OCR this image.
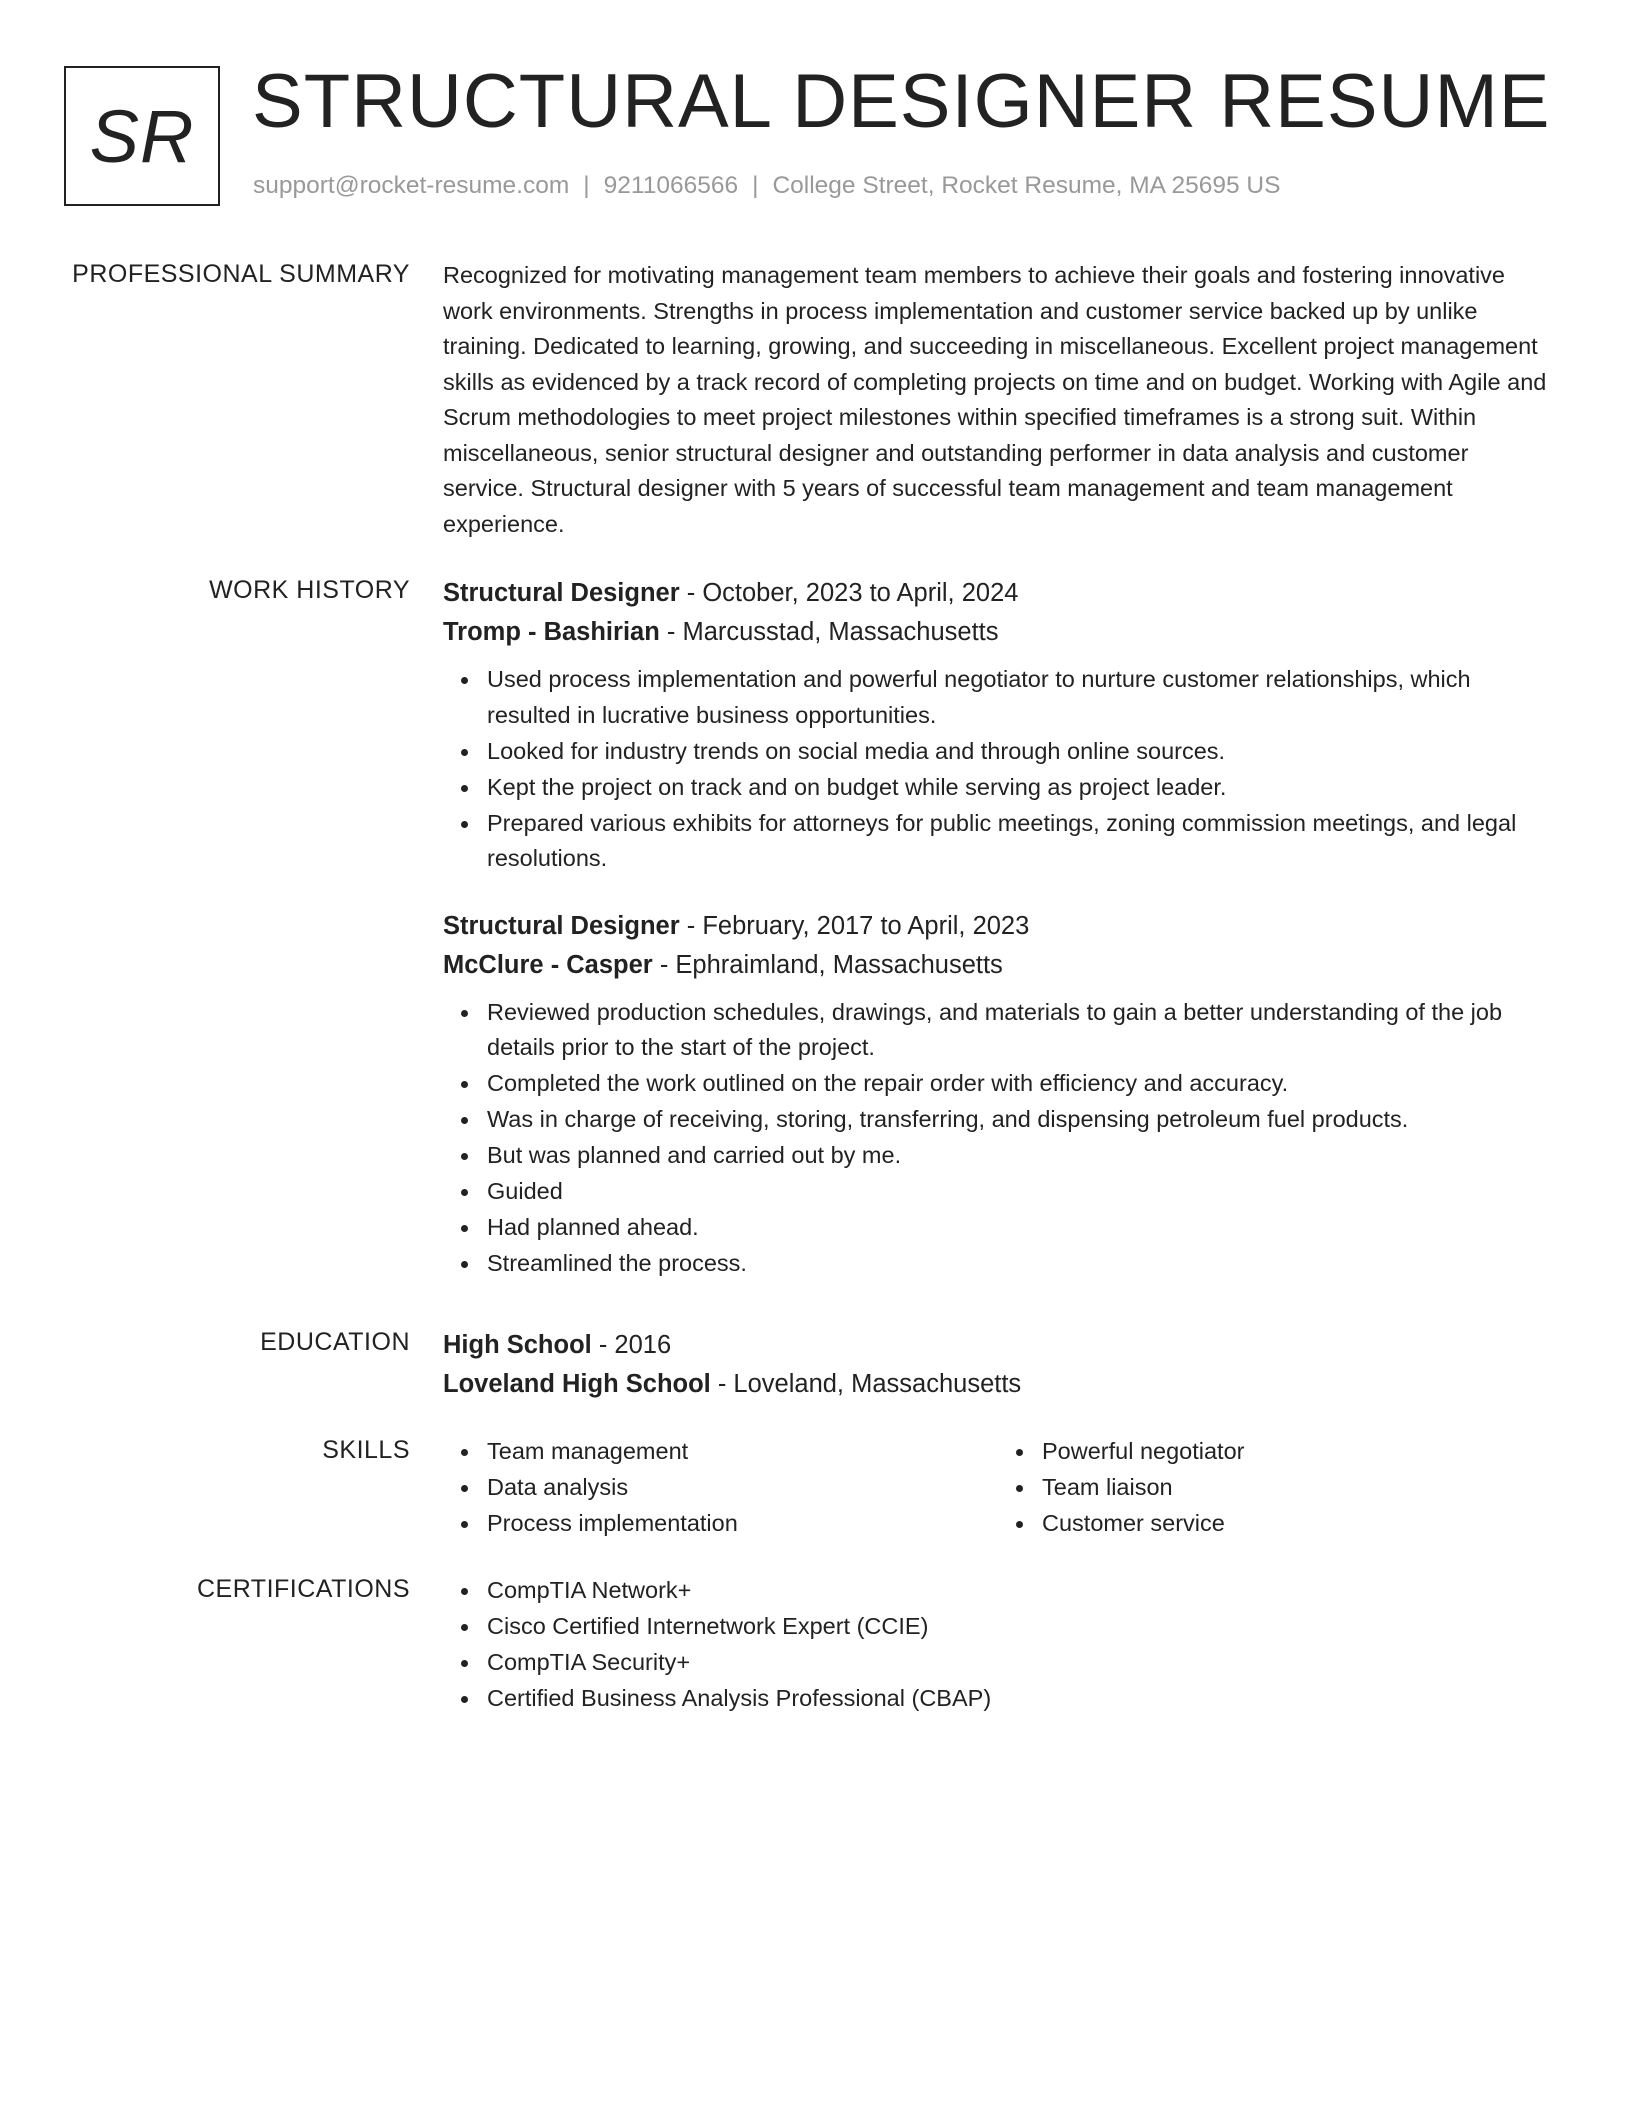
SR STRUCTURAL DESIGNER RESUME
support@rocket-resume.com | 9211066566 | College Street, Rocket Resume, MA 25695 US
PROFESSIONAL SUMMARY Recognized for motivating management team members to achieve their goals and fostering innovative work environments. Strengths in process implementation and customer service backed up by unlike training. Dedicated to learning, growing, and succeeding in miscellaneous. Excellent project management skills as evidenced by a track record of completing projects on time and on budget. Working with Agile and Scrum methodologies to meet project milestones within specified timeframes is a strong suit. Within miscellaneous, senior structural designer and outstanding performer in data analysis and customer service. Structural designer with 5 years of successful team management and team management experience.
WORK HISTORY Structural Designer - October, 2023 to April, 2024
Tromp - Bashirian - Marcusstad, Massachusetts
Used process implementation and powerful negotiator to nurture customer relationships, which resulted in lucrative business opportunities.
Looked for industry trends on social media and through online sources.
Kept the project on track and on budget while serving as project leader.
Prepared various exhibits for attorneys for public meetings, zoning commission meetings, and legal resolutions.
Structural Designer - February, 2017 to April, 2023
McClure - Casper - Ephraimland, Massachusetts
Reviewed production schedules, drawings, and materials to gain a better understanding of the job details prior to the start of the project.
Completed the work outlined on the repair order with efficiency and accuracy.
Was in charge of receiving, storing, transferring, and dispensing petroleum fuel products.
But was planned and carried out by me.
Guided
Had planned ahead.
Streamlined the process.
EDUCATION High School - 2016
Loveland High School - Loveland, Massachusetts
SKILLS	Team management
Data analysis
Process implementation
Powerful negotiator
Team liaison
Customer service
CERTIFICATIONS	CompTIA Network+
Cisco Certified Internetwork Expert (CCIE)
CompTIA Security+
Certified Business Analysis Professional (CBAP)
